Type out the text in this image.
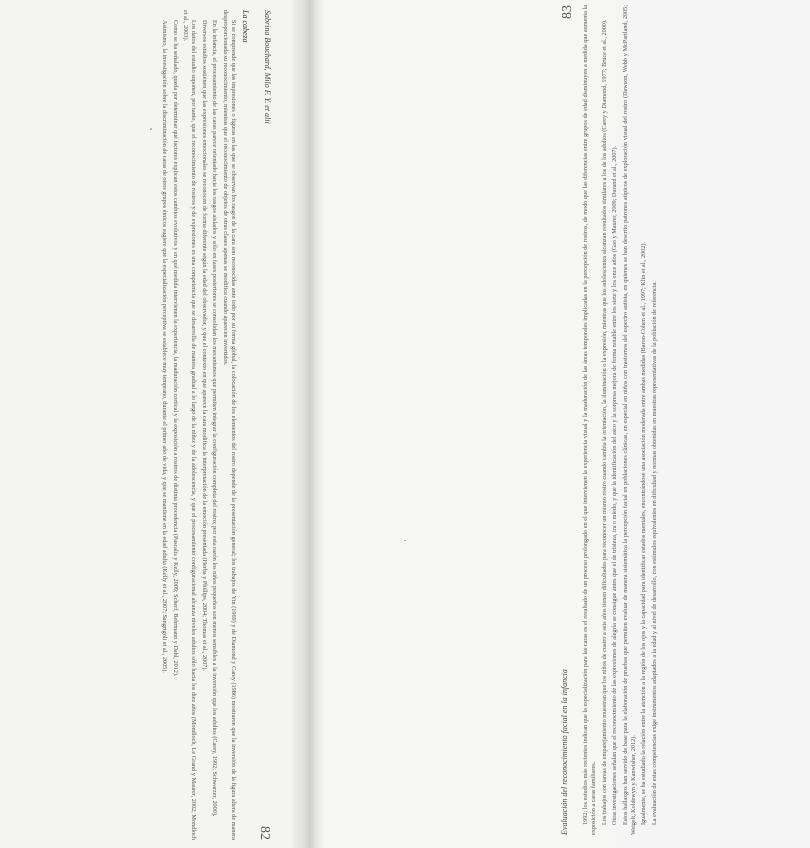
Sabrina Bouchard, Milo F. Y. et alii
82
La cabeza

Si se comprende que las impresiones o figuras en las que se observan los rasgos de la cara son reconocidas ante todo por su forma global, la colocación de los elementos del rostro depende de la presentación general; los trabajos de Yin (1969) y de Diamond y Carey (1986) mostraron que la inversión de la figura altera de manera desproporcionada su reconocimiento, mientras que el reconocimiento de objetos de otras clases apenas se modifica cuando aparecen invertidos.

En la infancia, el procesamiento de las caras parece orientado hacia los rasgos aislados y sólo en fases posteriores se consolidan los mecanismos que permiten integrar la configuración completa del rostro; por esta razón los niños pequeños son menos sensibles a la inversión que los adultos (Carey, 1992; Schwarzer, 2000).

Diversos estudios sostienen que las expresiones emocionales se reconocen de forma diferente según la edad del observador, y que el contexto en que aparece la cara modifica la interpretación de la emoción presentada (Herba y Phillips, 2004; Thomas et al., 2007).

Los datos del estudio suponen, por tanto, que el reconocimiento de rostros y de expresiones es una competencia que se desarrolla de manera gradual a lo largo de la niñez y de la adolescencia, y que el procesamiento configuracional alcanza niveles adultos sólo hacia los diez años (Mondloch, Le Grand y Maurer, 2002; Mondloch et al., 2003).

Como se ha señalado, queda por determinar qué factores explican estos cambios evolutivos y en qué medida intervienen la experiencia, la maduración cortical y la exposición a rostros de distinta procedencia (Pascalis y Kelly, 2009; Scherf, Behrmann y Dahl, 2012).

Asimismo, la investigación sobre la discriminación de caras de otros grupos étnicos sugiere que la especialización perceptiva se establece muy temprano, durante el primer año de vida, y que se mantiene en la edad adulta (Kelly et al., 2007; Sangrigoli et al., 2005).

Evaluación del reconocimiento facial en la infancia
83 1992; los estudios más recientes indican que la especialización para las caras es el resultado de un proceso prolongado en el que intervienen la experiencia visual y la maduración de las áreas temporales implicadas en la percepción de rostros, de modo que las diferencias entre grupos de edad disminuyen a medida que aumenta la exposición a caras familiares. Los trabajos con tareas de emparejamiento muestran que los niños de cuatro a seis años tienen dificultades para reconocer un mismo rostro cuando cambia la orientación, la iluminación o la expresión, mientras que los adolescentes alcanzan resultados similares a los de los adultos (Carey y Diamond, 1977; Bruce et al., 2000). Otras investigaciones señalan que el reconocimiento de las expresiones de alegría se consigue antes que el de tristeza, ira o miedo, y que la identificación del asco y la sorpresa mejora de forma notable entre los siete y los once años (Gao y Maurer, 2009; Durand et al., 2007). Estos hallazgos han servido de base para la elaboración de pruebas que permiten evaluar de manera sistemática la percepción facial en poblaciones clínicas, en especial en niños con trastornos del espectro autista, en quienes se han descrito patrones atípicos de exploración visual del rostro (Dawson, Webb y McPartland, 2005; Weigelt, Koldewyn y Kanwisher, 2012). Igualmente, se ha estudiado la relación entre la atención a la región de los ojos y la capacidad para identificar estados mentales, encontrándose una asociación moderada entre ambas medidas (Baron-Cohen et al., 1997; Klin et al., 2002). La evaluación de estas competencias exige instrumentos adaptados a la edad y al nivel de desarrollo, con estímulos equivalentes en dificultad y normas obtenidas en muestras representativas de la población de referencia.
